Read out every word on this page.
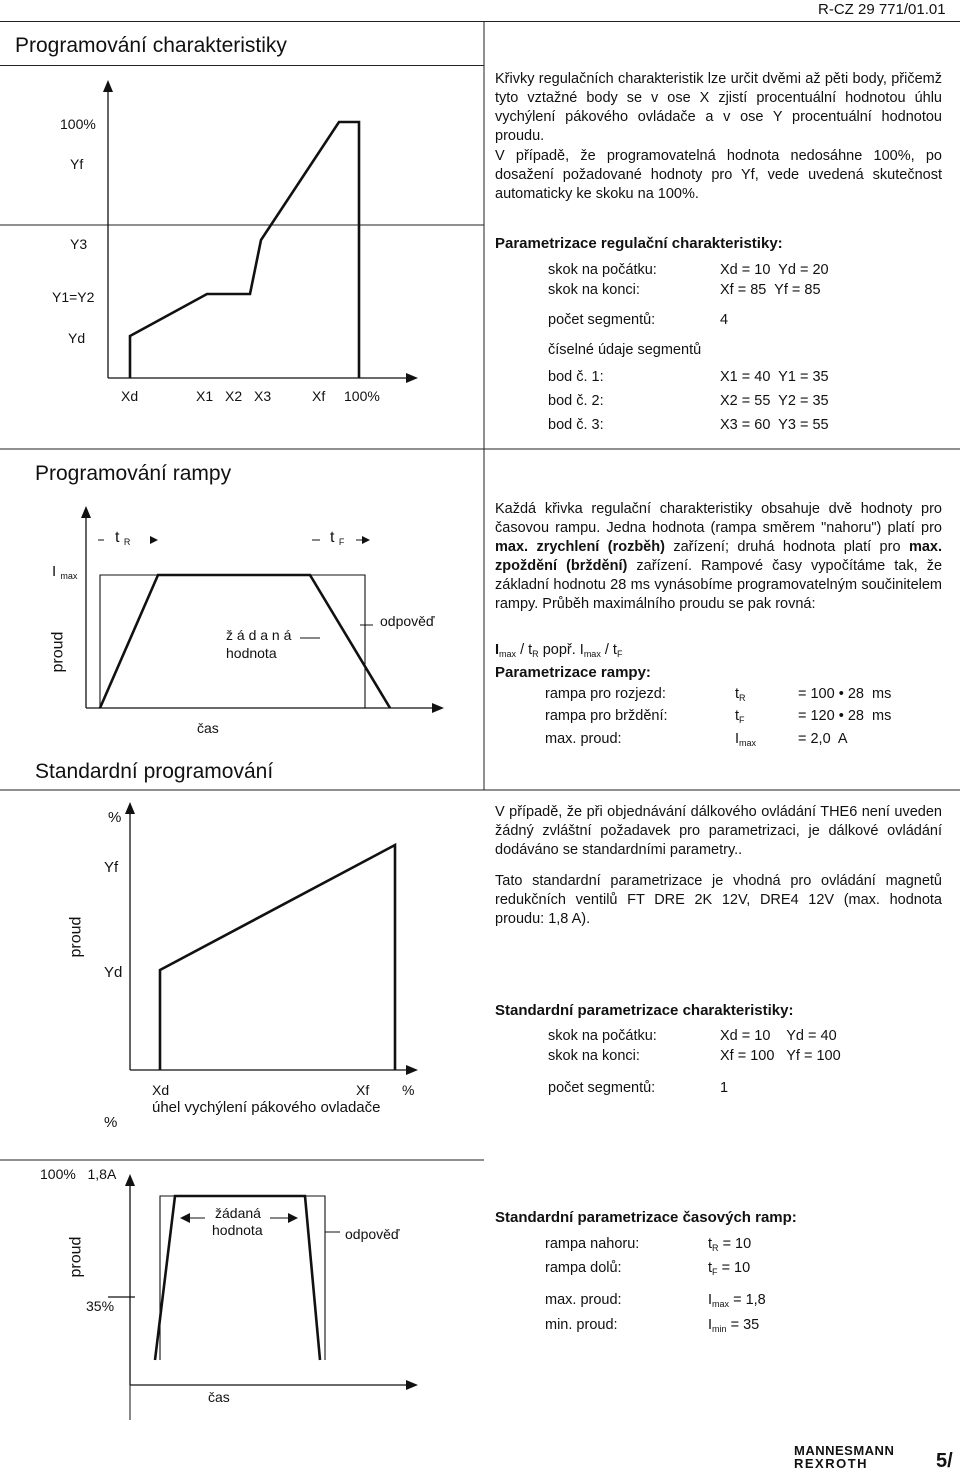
R-CZ 29 771/01.01
Programování charakteristiky
100%
Yf
Y3
Y1=Y2
Yd
Xd	X1 X2 X3	Xf 100%
Křivky regulačních charakteristik lze určit dvěmi až pěti body, přičemž tyto vztažné body se v ose X zjistí procentuální hodnotou úhlu vychýlení pákového ovládače a v ose Y procentuální hodnotou proudu.
V případě, že programovatelná hodnota nedosáhne 100%, po dosažení požadované hodnoty pro Yf, vede uvedená skutečnost automaticky ke skoku na 100%.
Parametrizace regulační charakteristiky:
skok na počátku:	Xd = 10  Yd = 20
skok na konci:	Xf = 85  Yf = 85
počet segmentů:	4
číselné údaje segmentů
bod č. 1:	X1 = 40  Y1 = 35
bod č. 2:	X2 = 55  Y2 = 35
bod č. 3:	X3 = 60  Y3 = 55
Programování rampy
I $_{max}$
t $_R$	t $_F$
proud	ž á d a n á
hodnota
odpověď
čas
Každá křivka regulační charakteristiky obsahuje dvě hodnoty pro časovou rampu. Jedna hodnota (rampa směrem "nahoru") platí pro max. zrychlení (rozběh) zařízení; druhá hodnota platí pro max. zpoždění (brždění) zařízení. Rampové časy vypočítáme tak, že základní hodnotu 28 ms vynásobíme programovatelným součinitelem rampy. Průběh maximálního proudu se pak rovná:
$I_{max} / t_R$ popř. $I_{max} / t_F$
Parametrizace rampy:
rampa pro rozjezd:	$t_R$	= 100 • 28  ms
rampa pro brždění:	$t_F$	= 120 • 28  ms
max. proud:	$I_{max}$	= 2,0  A
Standardní programování
%
Yf
Yd
proud
Xd	Xf %
%
úhel vychýlení pákového ovladače
V případě, že při objednávání dálkového ovládání THE6 není uveden žádný zvláštní požadavek pro parametrizaci, je dálkové ovládání dodáváno se standardními parametry..
Tato standardní parametrizace je vhodná pro ovládání magnetů redukčních ventilů FT DRE 2K 12V, DRE4 12V (max. hodnota proudu: 1,8 A).
Standardní parametrizace charakteristiky:
skok na počátku:	Xd = 10    Yd = 40
skok na konci:	Xf = 100   Yf = 100
počet segmentů:	1
100%   1,8A
proud
35%
žádaná
hodnota	odpověď
čas
Standardní parametrizace časových ramp:
rampa nahoru:	$t_R = 10$
rampa dolů:	$t_F = 10$
max. proud:	$I_{max} = 1,8$
min. proud:	$I_{min} = 35$
MANNESMANN
REXROTH	5/
